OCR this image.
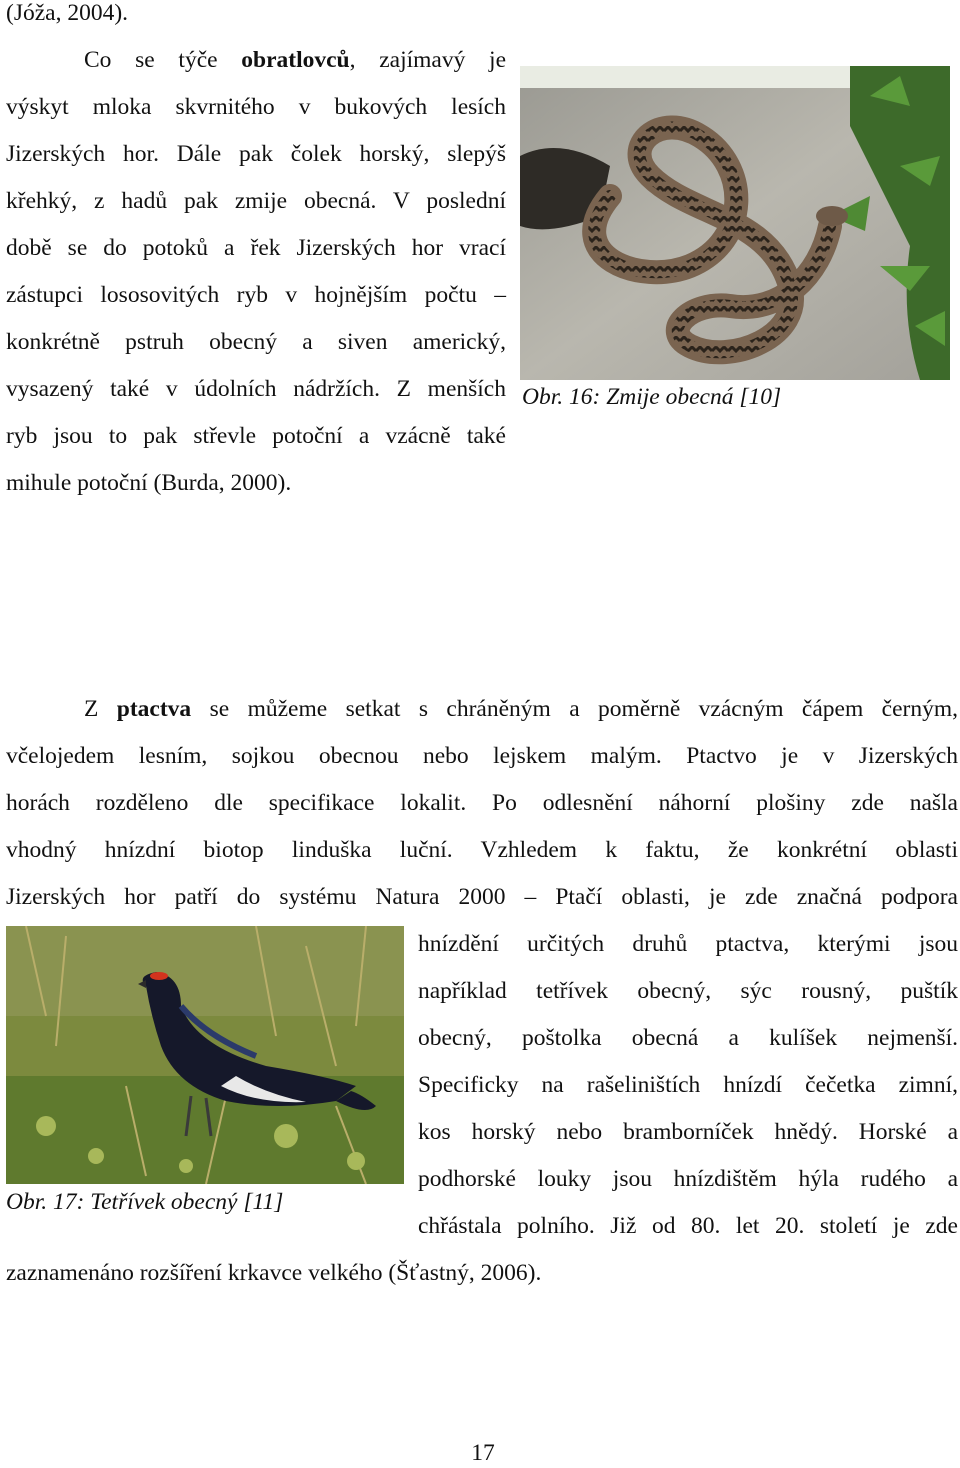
(Jóža, 2004).
Co se týče obratlovců, zajímavý je
výskyt mloka skvrnitého v bukových lesích
Jizerských hor. Dále pak čolek horský, slepýš
křehký, z hadů pak zmije obecná. V poslední
době se do potoků a řek Jizerských hor vrací
zástupci lososovitých ryb v hojnějším počtu –
konkrétně pstruh obecný a siven americký,
vysazený také v údolních nádržích. Z menších
ryb jsou to pak střevle potoční a vzácně také
mihule potoční (Burda, 2000).
Obr. 16: Zmije obecná [10]
Z ptactva se můžeme setkat s chráněným a poměrně vzácným čápem černým,
včelojedem lesním, sojkou obecnou nebo lejskem malým. Ptactvo je v Jizerských
horách rozděleno dle specifikace lokalit. Po odlesnění náhorní plošiny zde našla
vhodný hnízdní biotop linduška luční. Vzhledem k faktu, že konkrétní oblasti
Jizerských hor patří do systému Natura 2000 – Ptačí oblasti, je zde značná podpora
Obr. 17: Tetřívek obecný [11]
hnízdění určitých druhů ptactva, kterými jsou
například tetřívek obecný, sýc rousný, puštík
obecný, poštolka obecná a kulíšek nejmenší.
Specificky na rašeliništích hnízdí čečetka zimní,
kos horský nebo bramborníček hnědý. Horské a
podhorské louky jsou hnízdištěm hýla rudého a
chřástala polního. Již od 80. let 20. století je zde
zaznamenáno rozšíření krkavce velkého (Šťastný, 2006).
17
